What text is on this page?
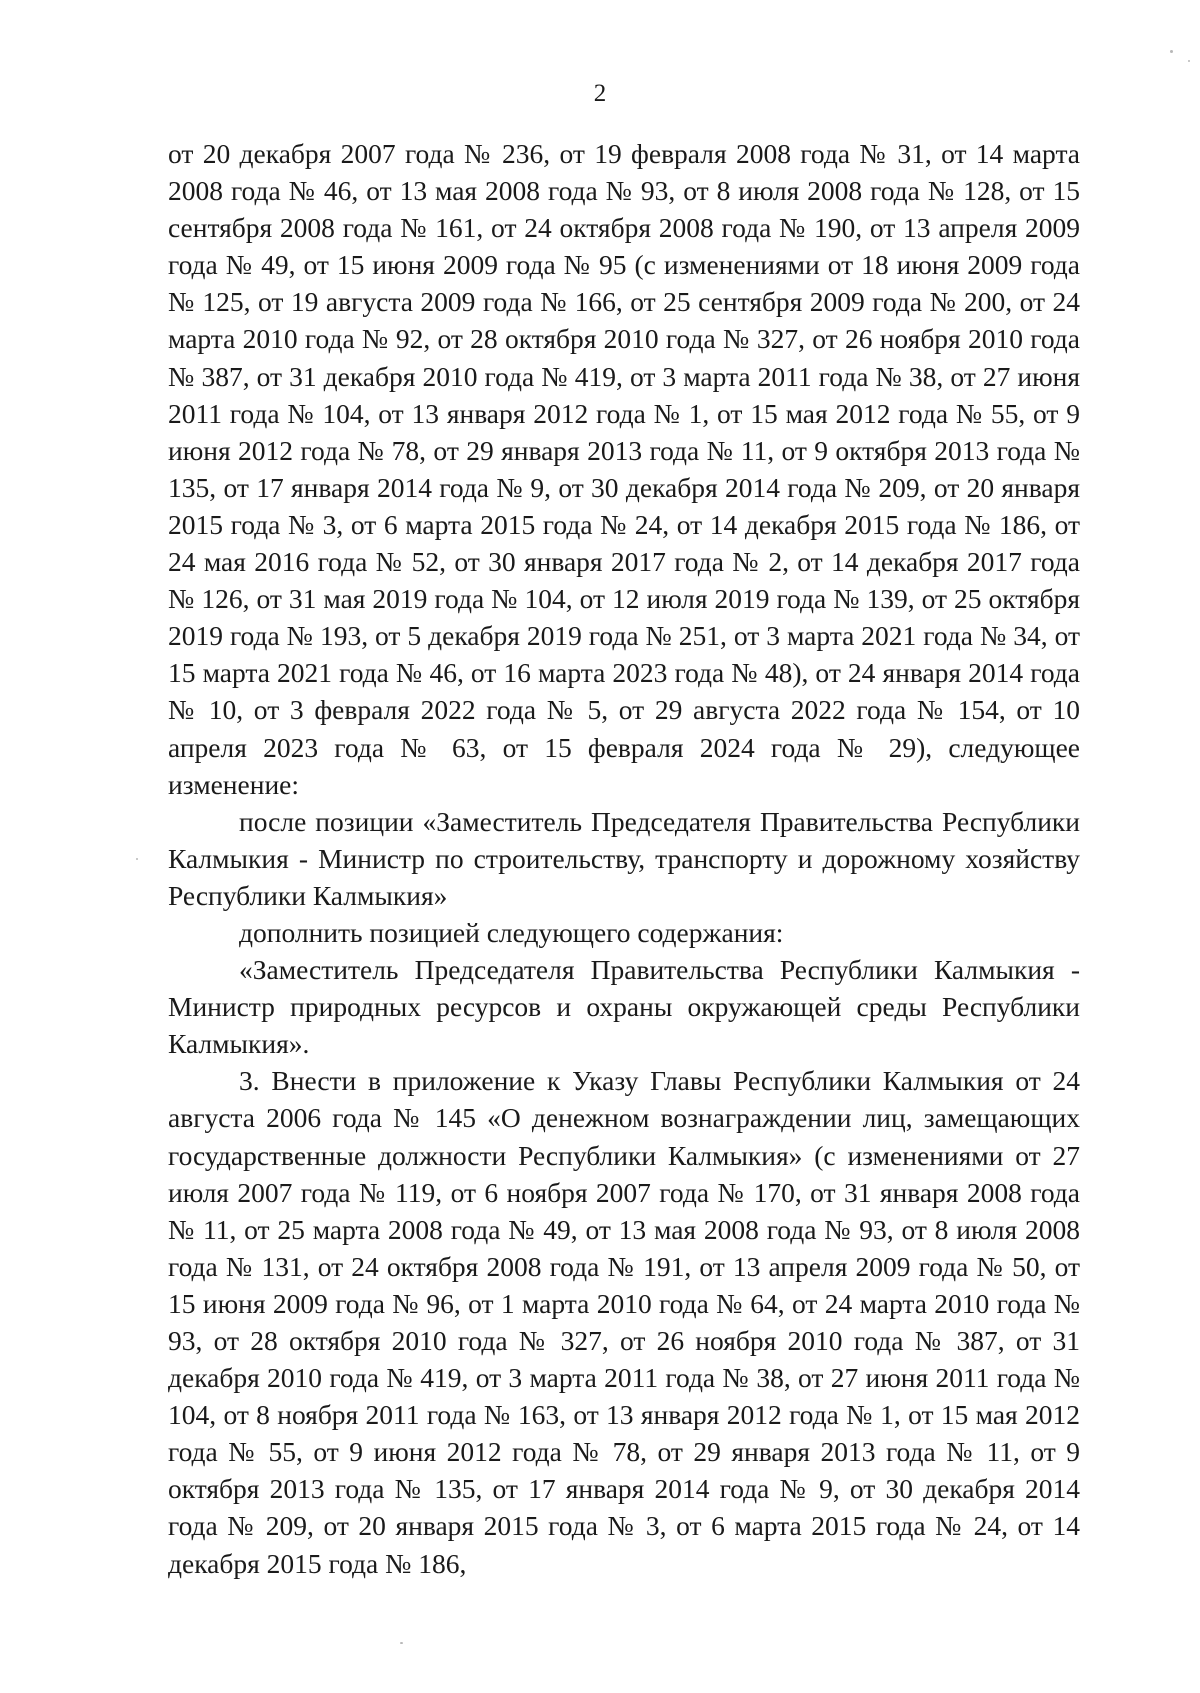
2

от 20 декабря 2007 года № 236, от 19 февраля 2008 года № 31, от 14 марта 2008 года № 46, от 13 мая 2008 года № 93, от 8 июля 2008 года № 128, от 15 сентября 2008 года № 161, от 24 октября 2008 года № 190, от 13 апреля 2009 года № 49, от 15 июня 2009 года № 95 (с изменениями от 18 июня 2009 года № 125, от 19 августа 2009 года № 166, от 25 сентября 2009 года № 200, от 24 марта 2010 года № 92, от 28 октября 2010 года № 327, от 26 ноября 2010 года № 387, от 31 декабря 2010 года № 419, от 3 марта 2011 года № 38, от 27 июня 2011 года № 104, от 13 января 2012 года № 1, от 15 мая 2012 года № 55, от 9 июня 2012 года № 78, от 29 января 2013 года № 11, от 9 октября 2013 года № 135, от 17 января 2014 года № 9, от 30 декабря 2014 года № 209, от 20 января 2015 года № 3, от 6 марта 2015 года № 24, от 14 декабря 2015 года № 186, от 24 мая 2016 года № 52, от 30 января 2017 года № 2, от 14 декабря 2017 года № 126, от 31 мая 2019 года № 104, от 12 июля 2019 года № 139, от 25 октября 2019 года № 193, от 5 декабря 2019 года № 251, от 3 марта 2021 года № 34, от 15 марта 2021 года № 46, от 16 марта 2023 года № 48), от 24 января 2014 года № 10, от 3 февраля 2022 года № 5, от 29 августа 2022 года № 154, от 10 апреля 2023 года № 63, от 15 февраля 2024 года № 29), следующее изменение:

после позиции «Заместитель Председателя Правительства Республики Калмыкия - Министр по строительству, транспорту и дорожному хозяйству Республики Калмыкия»

дополнить позицией следующего содержания:

«Заместитель Председателя Правительства Республики Калмыкия - Министр природных ресурсов и охраны окружающей среды Республики Калмыкия».

3. Внести в приложение к Указу Главы Республики Калмыкия от 24 августа 2006 года № 145 «О денежном вознаграждении лиц, замещающих государственные должности Республики Калмыкия» (с изменениями от 27 июля 2007 года № 119, от 6 ноября 2007 года № 170, от 31 января 2008 года № 11, от 25 марта 2008 года № 49, от 13 мая 2008 года № 93, от 8 июля 2008 года № 131, от 24 октября 2008 года № 191, от 13 апреля 2009 года № 50, от 15 июня 2009 года № 96, от 1 марта 2010 года № 64, от 24 марта 2010 года № 93, от 28 октября 2010 года № 327, от 26 ноября 2010 года № 387, от 31 декабря 2010 года № 419, от 3 марта 2011 года № 38, от 27 июня 2011 года № 104, от 8 ноября 2011 года № 163, от 13 января 2012 года № 1, от 15 мая 2012 года № 55, от 9 июня 2012 года № 78, от 29 января 2013 года № 11, от 9 октября 2013 года № 135, от 17 января 2014 года № 9, от 30 декабря 2014 года № 209, от 20 января 2015 года № 3, от 6 марта 2015 года № 24, от 14 декабря 2015 года № 186,
